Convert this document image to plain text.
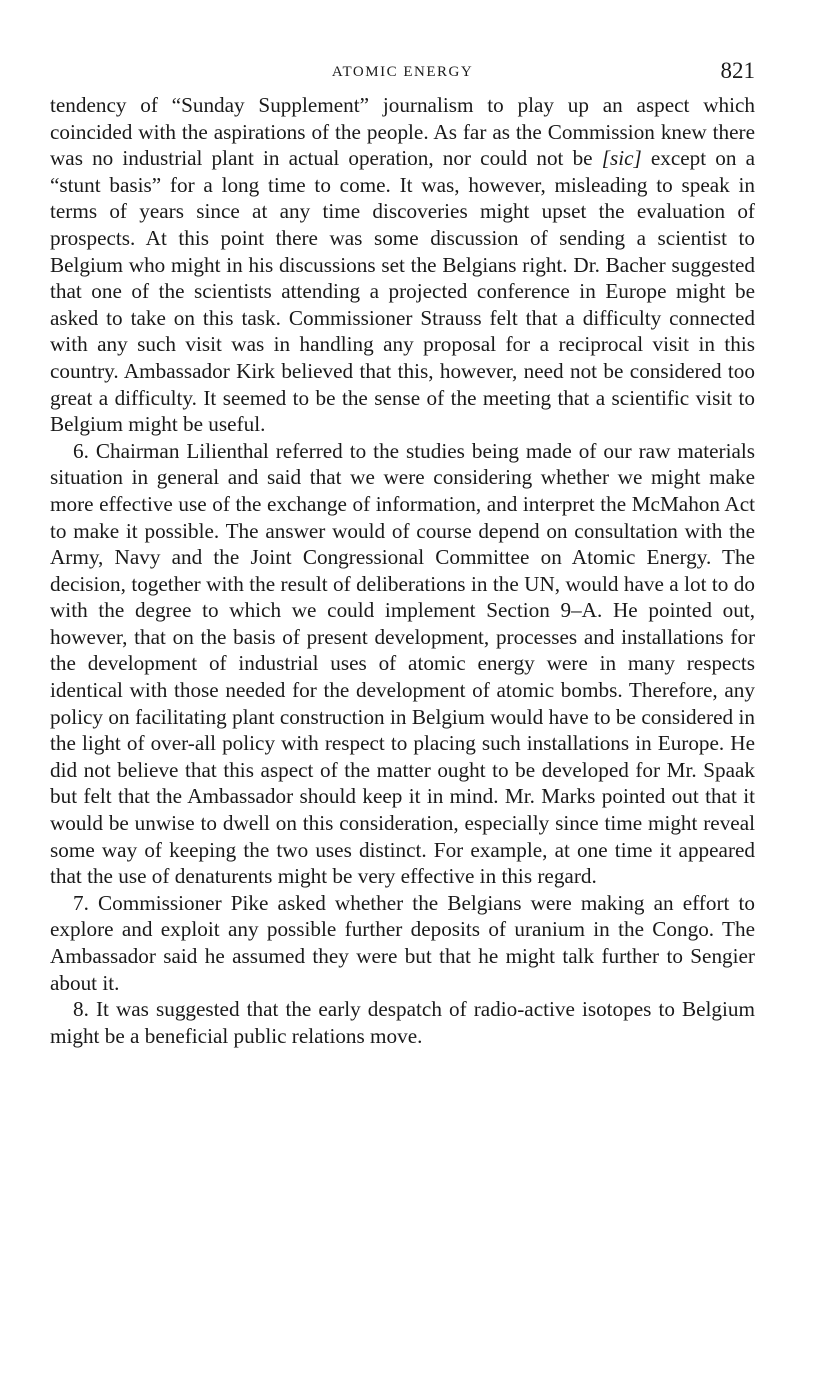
ATOMIC ENERGY	821

tendency of “Sunday Supplement” journalism to play up an aspect which coincided with the aspirations of the people. As far as the Commission knew there was no industrial plant in actual operation, nor could not be [sic] except on a “stunt basis” for a long time to come. It was, however, misleading to speak in terms of years since at any time discoveries might upset the evaluation of prospects. At this point there was some discussion of sending a scientist to Belgium who might in his discussions set the Belgians right. Dr. Bacher suggested that one of the scientists attending a projected conference in Europe might be asked to take on this task. Commissioner Strauss felt that a difficulty connected with any such visit was in handling any proposal for a reciprocal visit in this country. Ambassador Kirk believed that this, however, need not be considered too great a difficulty. It seemed to be the sense of the meeting that a scientific visit to Belgium might be useful.

6. Chairman Lilienthal referred to the studies being made of our raw materials situation in general and said that we were considering whether we might make more effective use of the exchange of information, and interpret the McMahon Act to make it possible. The answer would of course depend on consultation with the Army, Navy and the Joint Congressional Committee on Atomic Energy. The decision, together with the result of deliberations in the UN, would have a lot to do with the degree to which we could implement Section 9–A. He pointed out, however, that on the basis of present development, processes and installations for the development of industrial uses of atomic energy were in many respects identical with those needed for the development of atomic bombs. Therefore, any policy on facilitating plant construction in Belgium would have to be considered in the light of over-all policy with respect to placing such installations in Europe. He did not believe that this aspect of the matter ought to be developed for Mr. Spaak but felt that the Ambassador should keep it in mind. Mr. Marks pointed out that it would be unwise to dwell on this consideration, especially since time might reveal some way of keeping the two uses distinct. For example, at one time it appeared that the use of denaturents might be very effective in this regard.

7. Commissioner Pike asked whether the Belgians were making an effort to explore and exploit any possible further deposits of uranium in the Congo. The Ambassador said he assumed they were but that he might talk further to Sengier about it.

8. It was suggested that the early despatch of radio-active isotopes to Belgium might be a beneficial public relations move.
